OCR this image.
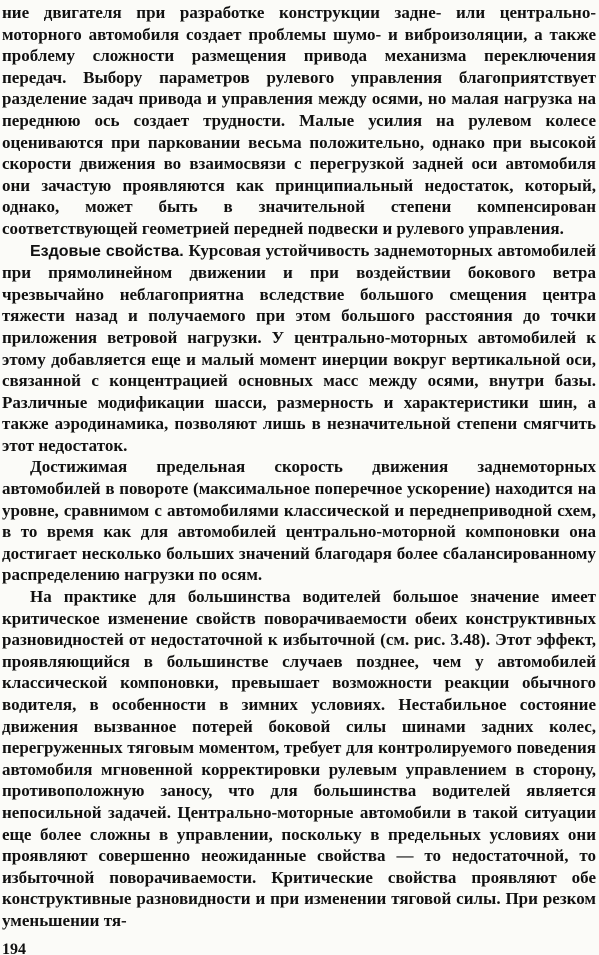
ние двигателя при разработке конструкции задне- или центрально-моторного автомобиля создает проблемы шумо- и виброизоляции, а также проблему сложности размещения привода механизма переключения передач. Выбору параметров рулевого управления благоприятствует разделение задач привода и управления между осями, но малая нагрузка на переднюю ось создает трудности. Малые усилия на рулевом колесе оцениваются при парковании весьма положительно, однако при высокой скорости движения во взаимосвязи с перегрузкой задней оси автомобиля они зачастую проявляются как принципиальный недостаток, который, однако, может быть в значительной степени компенсирован соответствующей геометрией передней подвески и рулевого управления.

Ездовые свойства. Курсовая устойчивость заднемоторных автомобилей при прямолинейном движении и при воздействии бокового ветра чрезвычайно неблагоприятна вследствие большого смещения центра тяжести назад и получаемого при этом большого расстояния до точки приложения ветровой нагрузки. У центрально-моторных автомобилей к этому добавляется еще и малый момент инерции вокруг вертикальной оси, связанной с концентрацией основных масс между осями, внутри базы. Различные модификации шасси, размерность и характеристики шин, а также аэродинамика, позволяют лишь в незначительной степени смягчить этот недостаток.

Достижимая предельная скорость движения заднемоторных автомобилей в повороте (максимальное поперечное ускорение) находится на уровне, сравнимом с автомобилями классической и переднеприводной схем, в то время как для автомобилей центрально-моторной компоновки она достигает несколько больших значений благодаря более сбалансированному распределению нагрузки по осям.

На практике для большинства водителей большое значение имеет критическое изменение свойств поворачиваемости обеих конструктивных разновидностей от недостаточной к избыточной (см. рис. 3.48). Этот эффект, проявляющийся в большинстве случаев позднее, чем у автомобилей классической компоновки, превышает возможности реакции обычного водителя, в особенности в зимних условиях. Нестабильное состояние движения вызванное потерей боковой силы шинами задних колес, перегруженных тяговым моментом, требует для контролируемого поведения автомобиля мгновенной корректировки рулевым управлением в сторону, противоположную заносу, что для большинства водителей является непосильной задачей. Центрально-моторные автомобили в такой ситуации еще более сложны в управлении, поскольку в предельных условиях они проявляют совершенно неожиданные свойства — то недостаточной, то избыточной поворачиваемости. Критические свойства проявляют обе конструктивные разновидности и при изменении тяговой силы. При резком уменьшении тя-

194
